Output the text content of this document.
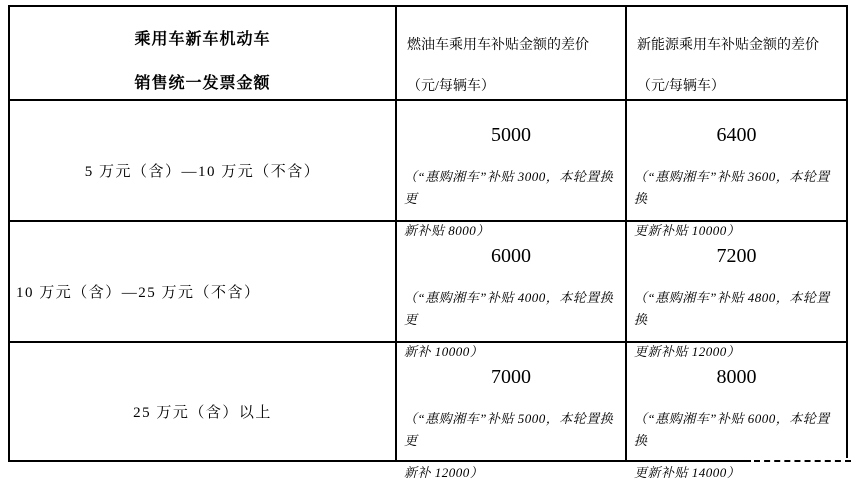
乘用车新车机动车
销售统一发票金额
燃油车乘用车补贴金额的差价
（元/每辆车）
新能源乘用车补贴金额的差价
（元/每辆车）
5 万元（含）—10 万元（不含）
5000
（“惠购湘车”补贴 3000，本轮置换更
新补贴 8000）
6400
（“惠购湘车”补贴 3600，本轮置换
更新补贴 10000）
10 万元（含）—25 万元（不含）
6000
（“惠购湘车”补贴 4000，本轮置换更
新补 10000）
7200
（“惠购湘车”补贴 4800，本轮置换
更新补贴 12000）
25 万元（含）以上
7000
（“惠购湘车”补贴 5000，本轮置换更
新补 12000）
8000
（“惠购湘车”补贴 6000，本轮置换
更新补贴 14000）
